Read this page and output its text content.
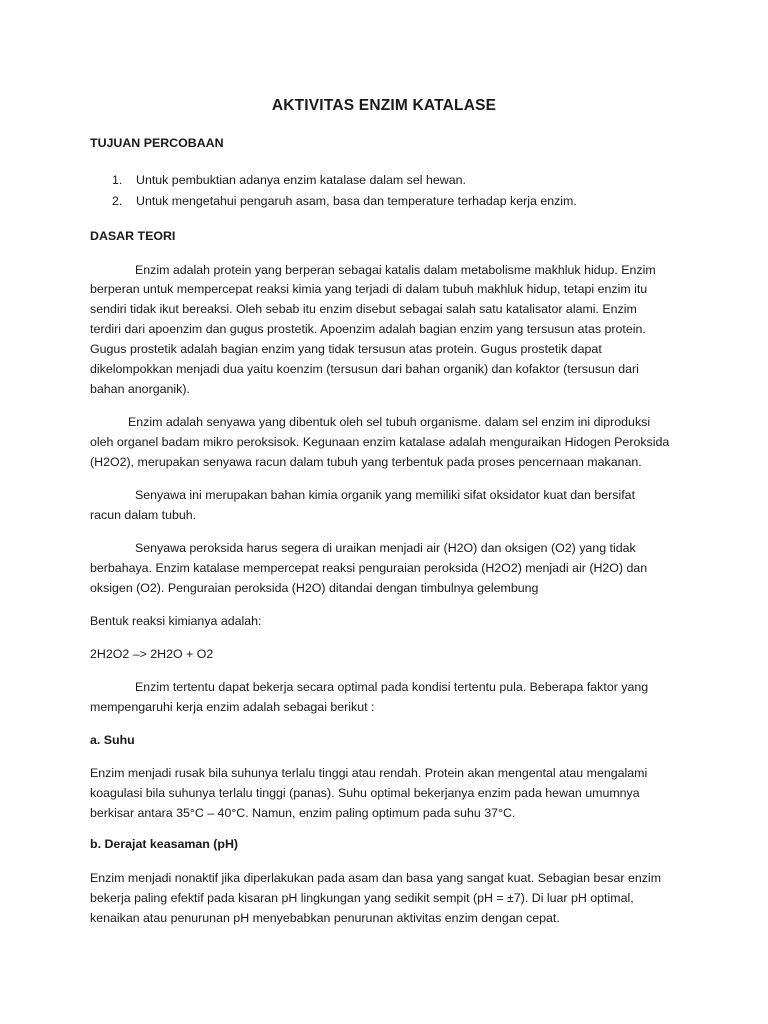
AKTIVITAS ENZIM KATALASE
TUJUAN PERCOBAAN
1. Untuk pembuktian adanya enzim katalase dalam sel hewan.
2. Untuk mengetahui pengaruh asam, basa dan temperature terhadap kerja enzim.
DASAR TEORI
Enzim adalah protein yang berperan sebagai katalis dalam metabolisme makhluk hidup. Enzim
berperan untuk mempercepat reaksi kimia yang terjadi di dalam tubuh makhluk hidup, tetapi enzim itu
sendiri tidak ikut bereaksi. Oleh sebab itu enzim disebut sebagai salah satu katalisator alami. Enzim
terdiri dari apoenzim dan gugus prostetik. Apoenzim adalah bagian enzim yang tersusun atas protein.
Gugus prostetik adalah bagian enzim yang tidak tersusun atas protein. Gugus prostetik dapat
dikelompokkan menjadi dua yaitu koenzim (tersusun dari bahan organik) dan kofaktor (tersusun dari
bahan anorganik).
Enzim adalah senyawa yang dibentuk oleh sel tubuh organisme. dalam sel enzim ini diproduksi
oleh organel badam mikro peroksisok. Kegunaan enzim katalase adalah menguraikan Hidogen Peroksida
(H2O2), merupakan senyawa racun dalam tubuh yang terbentuk pada proses pencernaan makanan.
Senyawa ini merupakan bahan kimia organik yang memiliki sifat oksidator kuat dan bersifat
racun dalam tubuh.
Senyawa peroksida harus segera di uraikan menjadi air (H2O) dan oksigen (O2) yang tidak
berbahaya. Enzim katalase mempercepat reaksi penguraian peroksida (H2O2) menjadi air (H2O) dan
oksigen (O2). Penguraian peroksida (H2O) ditandai dengan timbulnya gelembung
Bentuk reaksi kimianya adalah:
2H2O2 –> 2H2O + O2
Enzim tertentu dapat bekerja secara optimal pada kondisi tertentu pula. Beberapa faktor yang
mempengaruhi kerja enzim adalah sebagai berikut :
a. Suhu
Enzim menjadi rusak bila suhunya terlalu tinggi atau rendah. Protein akan mengental atau mengalami
koagulasi bila suhunya terlalu tinggi (panas). Suhu optimal bekerjanya enzim pada hewan umumnya
berkisar antara 35°C – 40°C. Namun, enzim paling optimum pada suhu 37°C.
b. Derajat keasaman (pH)
Enzim menjadi nonaktif jika diperlakukan pada asam dan basa yang sangat kuat. Sebagian besar enzim
bekerja paling efektif pada kisaran pH lingkungan yang sedikit sempit (pH = ±7). Di luar pH optimal,
kenaikan atau penurunan pH menyebabkan penurunan aktivitas enzim dengan cepat.
